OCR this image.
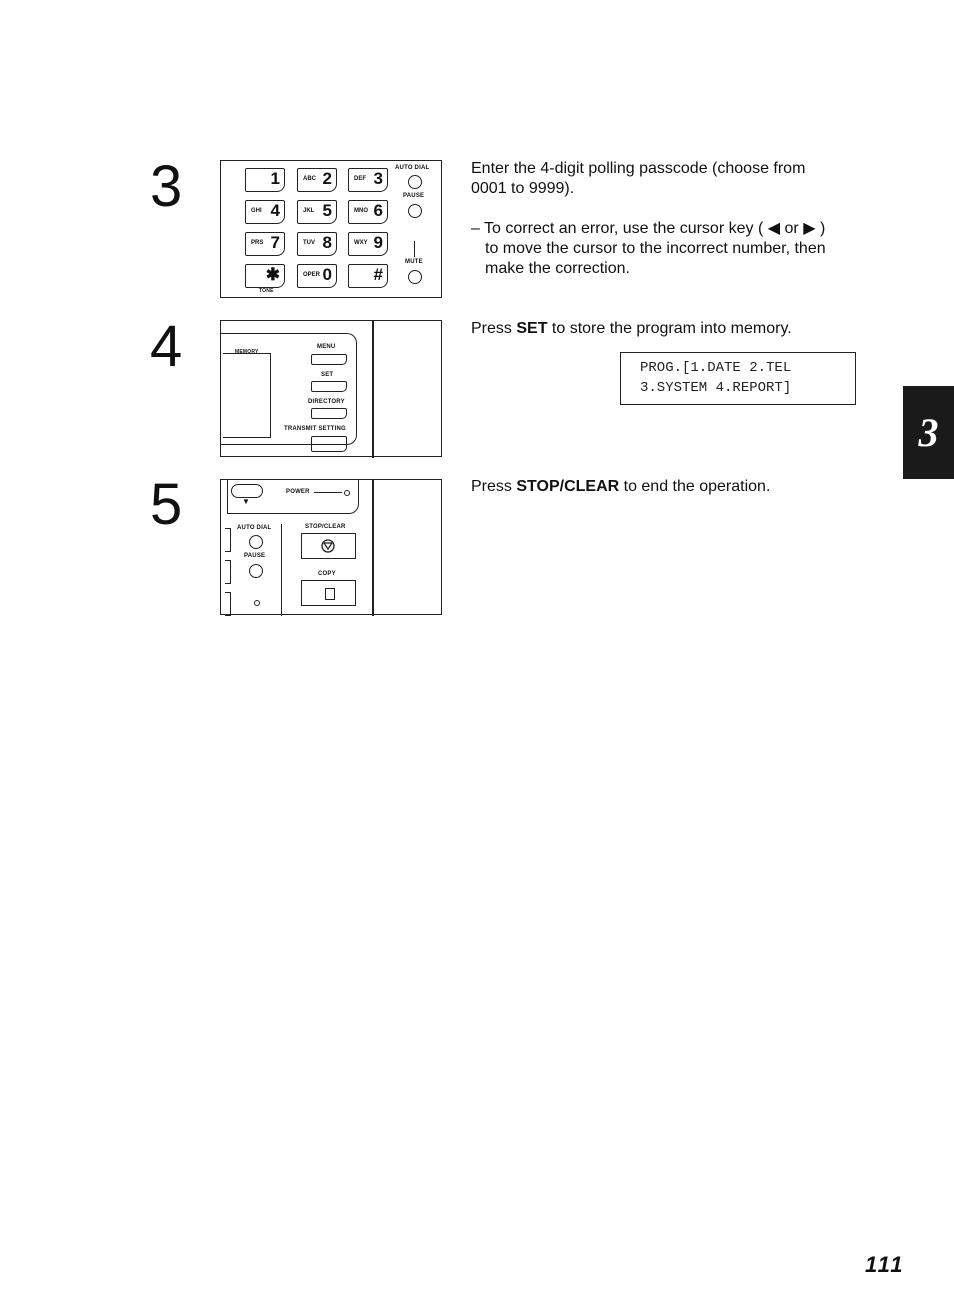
3
3	1	ABC 2	DEF 3
GHI 4	JKL 5	MNO 6
PRS 7	TUV 8	WXY 9
✱	OPER 0 #
AUTO DIAL
PAUSE
MUTE
TONE
Enter the 4-digit polling passcode (choose from
0001 to 9999).
– To correct an error, use the cursor key ( ◀ or ▶ )
to move the cursor to the incorrect number, then
make the correction.
4	MEMORY
MENU
SET
DIRECTORY
TRANSMIT SETTING
Press SET to store the program into memory.
PROG.[1.DATE 2.TEL
3.SYSTEM 4.REPORT]
5	▼
POWER
AUTO DIAL
PAUSE
STOP/CLEAR
COPY
Press STOP/CLEAR to end the operation.
111
